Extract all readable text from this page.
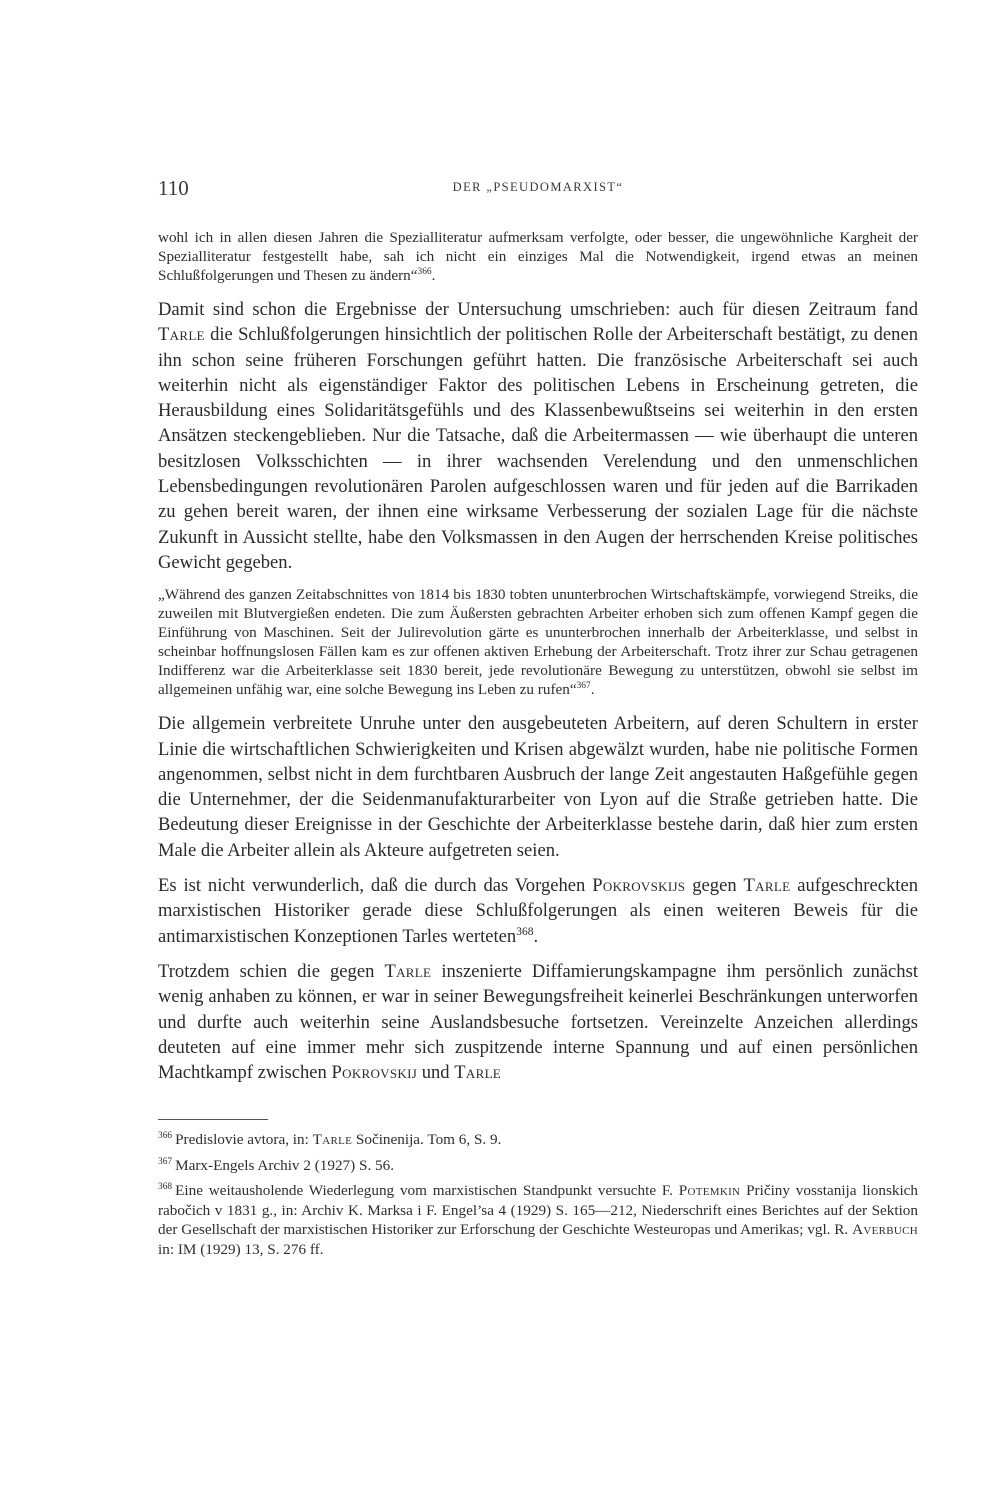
110	DER „PSEUDOMARXIST“

wohl ich in allen diesen Jahren die Spezialliteratur aufmerksam verfolgte, oder besser, die ungewöhnliche Kargheit der Spezialliteratur festgestellt habe, sah ich nicht ein einziges Mal die Notwendigkeit, irgend etwas an meinen Schlußfolgerungen und Thesen zu ändern“$^{366}$.

Damit sind schon die Ergebnisse der Untersuchung umschrieben: auch für diesen Zeitraum fand Tarle die Schlußfolgerungen hinsichtlich der politischen Rolle der Arbeiterschaft bestätigt, zu denen ihn schon seine früheren Forschungen geführt hatten. Die französische Arbeiterschaft sei auch weiterhin nicht als eigenständiger Faktor des politischen Lebens in Erscheinung getreten, die Herausbildung eines Solidaritätsgefühls und des Klassenbewußtseins sei weiterhin in den ersten Ansätzen steckengeblieben. Nur die Tatsache, daß die Arbeitermassen — wie überhaupt die unteren besitzlosen Volksschichten — in ihrer wachsenden Verelendung und den unmenschlichen Lebensbedingungen revolutionären Parolen aufgeschlossen waren und für jeden auf die Barrikaden zu gehen bereit waren, der ihnen eine wirksame Verbesserung der sozialen Lage für die nächste Zukunft in Aussicht stellte, habe den Volksmassen in den Augen der herrschenden Kreise politisches Gewicht gegeben.

„Während des ganzen Zeitabschnittes von 1814 bis 1830 tobten ununterbrochen Wirtschaftskämpfe, vorwiegend Streiks, die zuweilen mit Blutvergießen endeten. Die zum Äußersten gebrachten Arbeiter erhoben sich zum offenen Kampf gegen die Einführung von Maschinen. Seit der Julirevolution gärte es ununterbrochen innerhalb der Arbeiterklasse, und selbst in scheinbar hoffnungslosen Fällen kam es zur offenen aktiven Erhebung der Arbeiterschaft. Trotz ihrer zur Schau getragenen Indifferenz war die Arbeiterklasse seit 1830 bereit, jede revolutionäre Bewegung zu unterstützen, obwohl sie selbst im allgemeinen unfähig war, eine solche Bewegung ins Leben zu rufen“$^{367}$.

Die allgemein verbreitete Unruhe unter den ausgebeuteten Arbeitern, auf deren Schultern in erster Linie die wirtschaftlichen Schwierigkeiten und Krisen abgewälzt wurden, habe nie politische Formen angenommen, selbst nicht in dem furchtbaren Ausbruch der lange Zeit angestauten Haßgefühle gegen die Unternehmer, der die Seidenmanufakturarbeiter von Lyon auf die Straße getrieben hatte. Die Bedeutung dieser Ereignisse in der Geschichte der Arbeiterklasse bestehe darin, daß hier zum ersten Male die Arbeiter allein als Akteure aufgetreten seien.

Es ist nicht verwunderlich, daß die durch das Vorgehen Pokrovskijs gegen Tarle aufgeschreckten marxistischen Historiker gerade diese Schlußfolgerungen als einen weiteren Beweis für die antimarxistischen Konzeptionen Tarles werteten$^{368}$.

Trotzdem schien die gegen Tarle inszenierte Diffamierungskampagne ihm persönlich zunächst wenig anhaben zu können, er war in seiner Bewegungsfreiheit keinerlei Beschränkungen unterworfen und durfte auch weiterhin seine Auslandsbesuche fortsetzen. Vereinzelte Anzeichen allerdings deuteten auf eine immer mehr sich zuspitzende interne Spannung und auf einen persönlichen Machtkampf zwischen Pokrovskij und Tarle

$^{366}$ Predislovie avtora, in: Tarle Sočinenija. Tom 6, S. 9.
$^{367}$ Marx-Engels Archiv 2 (1927) S. 56.
$^{368}$ Eine weitausholende Wiederlegung vom marxistischen Standpunkt versuchte F. Potemkin Pričiny vosstanija lionskich rabočich v 1831 g., in: Archiv K. Marksa i F. Engel’sa 4 (1929) S. 165—212, Niederschrift eines Berichtes auf der Sektion der Gesellschaft der marxistischen Historiker zur Erforschung der Geschichte Westeuropas und Amerikas; vgl. R. Averbuch in: IM (1929) 13, S. 276 ff.
